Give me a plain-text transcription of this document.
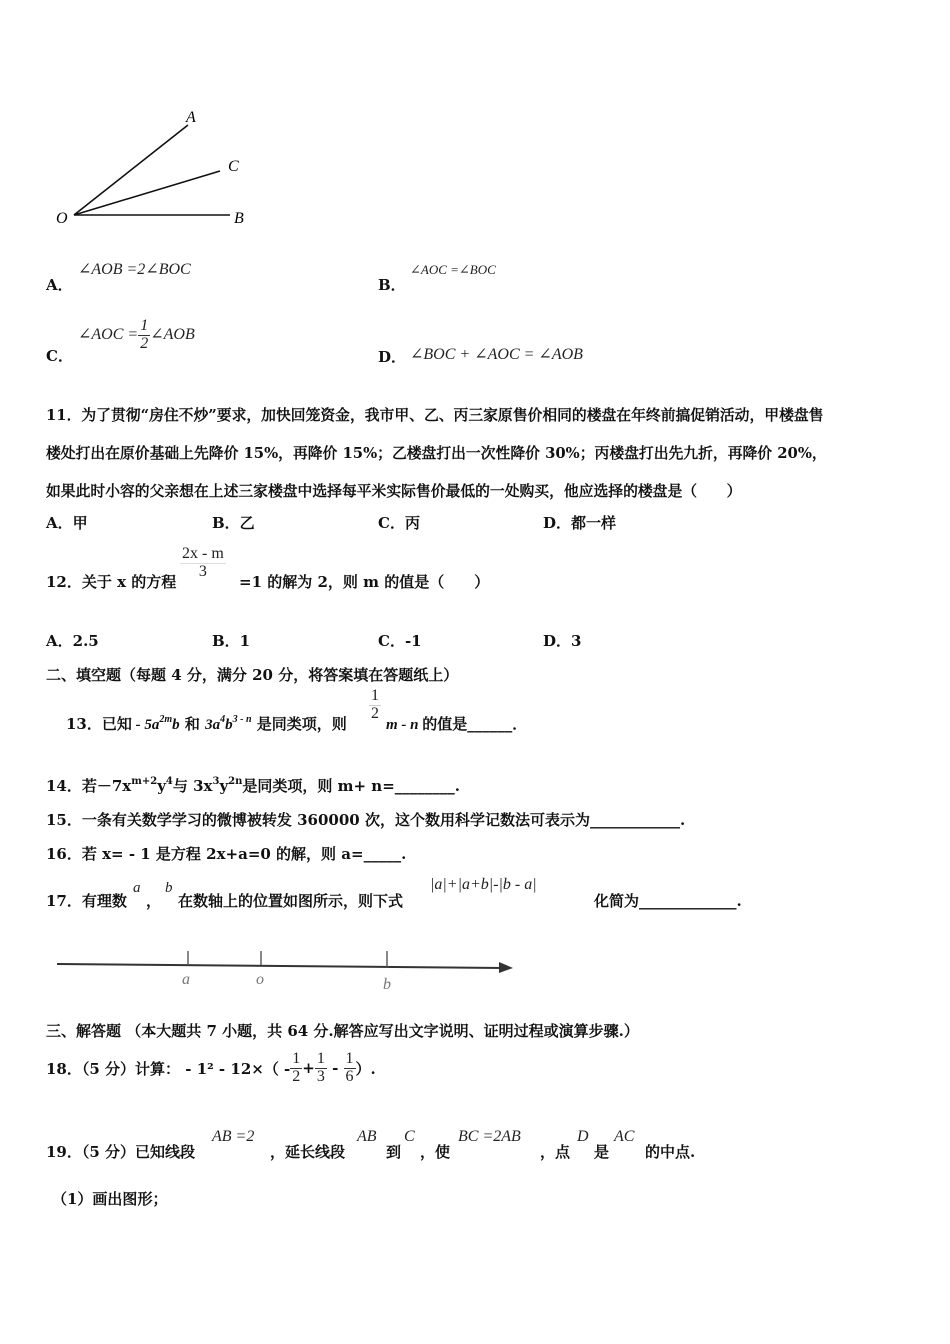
A
C
O	B
A．
∠AOB =2∠BOC
B．
∠AOC =∠BOC
C．
∠AOC = $\frac{1}{2}$ ∠AOB
D． ∠BOC + ∠AOC = ∠AOB
11．为了贯彻“房住不炒”要求，加快回笼资金，我市甲、乙、丙三家原售价相同的楼盘在年终前搞促销活动，甲楼盘售
楼处打出在原价基础上先降价 15%，再降价 15%；乙楼盘打出一次性降价 30%；丙楼盘打出先九折，再降价 20%，
如果此时小容的父亲想在上述三家楼盘中选择每平米实际售价最低的一处购买，他应选择的楼盘是（　　）
A．甲	B．乙	C．丙	D．都一样
12．关于 x 的方程
$\frac{2x - m}{3}$
=1 的解为 2，则 m 的值是（　　）
A．2.5	B．1	C．-1	D．3
二、填空题（每题 4 分，满分 20 分，将答案填在答题纸上）
13．已知 - $5a^{2m}b$ 和 $3a^4b^{3 - n}$ 是同类项，则
$\frac{1}{2}$
m - n 的值是______．
14．若$-7x^{m+2}y^4$与 $3x^3y^{2n}$是同类项，则 m+ n=________.
15．一条有关数学学习的微博被转发 360000 次，这个数用科学记数法可表示为____________.
16．若 x= - 1 是方程 2x+a=0 的解，则 a=_____.
17．有理数
a
，
b
在数轴上的位置如图所示，则下式
|a|+|a+b|-|b - a|
化简为_____________.
a	o	b
三、解答题 （本大题共 7 小题，共 64 分.解答应写出文字说明、证明过程或演算步骤.）
18．（5 分）计算： - $1^2 - 12\times( - \frac{1}{2} + \frac{1}{3} - \frac{1}{6}$ ）.
19．（5 分）已知线段
AB =2
，延长线段
AB
到
C
，使
BC =2AB
，点
D
是
AC
的中点.
（1）画出图形；
